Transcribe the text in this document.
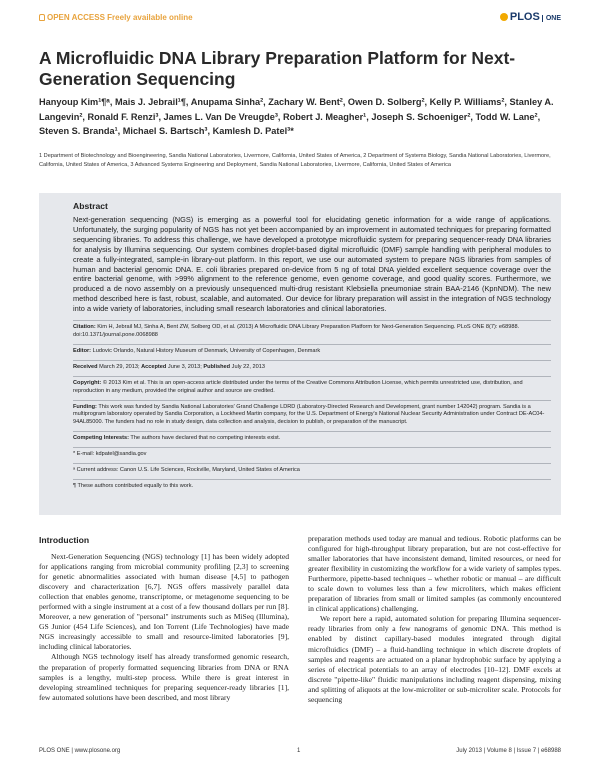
OPEN ACCESS Freely available online	PLOS ONE
A Microfluidic DNA Library Preparation Platform for Next-Generation Sequencing
Hanyoup Kim¹¶ᵃ, Mais J. Jebrail¹¶, Anupama Sinha², Zachary W. Bent², Owen D. Solberg², Kelly P. Williams², Stanley A. Langevin², Ronald F. Renzi³, James L. Van De Vreugde³, Robert J. Meagher¹, Joseph S. Schoeniger², Todd W. Lane², Steven S. Branda¹, Michael S. Bartsch³, Kamlesh D. Patel³*
1 Department of Biotechnology and Bioengineering, Sandia National Laboratories, Livermore, California, United States of America, 2 Department of Systems Biology, Sandia National Laboratories, Livermore, California, United States of America, 3 Advanced Systems Engineering and Deployment, Sandia National Laboratories, Livermore, California, United States of America
Abstract
Next-generation sequencing (NGS) is emerging as a powerful tool for elucidating genetic information for a wide range of applications. Unfortunately, the surging popularity of NGS has not yet been accompanied by an improvement in automated techniques for preparing formatted sequencing libraries. To address this challenge, we have developed a prototype microfluidic system for preparing sequencer-ready DNA libraries for analysis by Illumina sequencing. Our system combines droplet-based digital microfluidic (DMF) sample handling with peripheral modules to create a fully-integrated, sample-in library-out platform. In this report, we use our automated system to prepare NGS libraries from samples of human and bacterial genomic DNA. E. coli libraries prepared on-device from 5 ng of total DNA yielded excellent sequence coverage over the entire bacterial genome, with >99% alignment to the reference genome, even genome coverage, and good quality scores. Furthermore, we produced a de novo assembly on a previously unsequenced multi-drug resistant Klebsiella pneumoniae strain BAA-2146 (KpnNDM). The new method described here is fast, robust, scalable, and automated. Our device for library preparation will assist in the integration of NGS technology into a wide variety of laboratories, including small research laboratories and clinical laboratories.
Citation: Kim H, Jebrail MJ, Sinha A, Bent ZW, Solberg OD, et al. (2013) A Microfluidic DNA Library Preparation Platform for Next-Generation Sequencing. PLoS ONE 8(7): e68988. doi:10.1371/journal.pone.0068988
Editor: Ludovic Orlando, Natural History Museum of Denmark, University of Copenhagen, Denmark
Received March 29, 2013; Accepted June 3, 2013; Published July 22, 2013
Copyright: © 2013 Kim et al. This is an open-access article distributed under the terms of the Creative Commons Attribution License, which permits unrestricted use, distribution, and reproduction in any medium, provided the original author and source are credited.
Funding: This work was funded by Sandia National Laboratories' Grand Challenge LDRD (Laboratory-Directed Research and Development, grant number 142042) program. Sandia is a multiprogram laboratory operated by Sandia Corporation, a Lockheed Martin company, for the U.S. Department of Energy's National Nuclear Security Administration under Contract DE-AC04-94AL85000. The funders had no role in study design, data collection and analysis, decision to publish, or preparation of the manuscript.
Competing Interests: The authors have declared that no competing interests exist.
* E-mail: kdpatel@sandia.gov
ᵃ Current address: Canon U.S. Life Sciences, Rockville, Maryland, United States of America
¶ These authors contributed equally to this work.
Introduction

Next-Generation Sequencing (NGS) technology [1] has been widely adopted for applications ranging from microbial community profiling [2,3] to screening for genetic abnormalities associated with human disease [4,5] to pathogen discovery and characterization [6,7]. NGS offers massively parallel data collection that enables genome, transcriptome, or metagenome sequencing to be performed with a single instrument at a cost of a few thousand dollars per run [8]. Moreover, a new generation of "personal" instruments such as MiSeq (Illumina), GS Junior (454 Life Sciences), and Ion Torrent (Life Technologies) have made NGS increasingly accessible to small and resource-limited laboratories [9], including clinical laboratories.

Although NGS technology itself has already transformed genomic research, the preparation of properly formatted sequencing libraries from DNA or RNA samples is a lengthy, multi-step process. While there is great interest in developing streamlined techniques for preparing sequencer-ready libraries [1], few automated solutions have been described, and most library

preparation methods used today are manual and tedious. Robotic platforms can be configured for high-throughput library preparation, but are not cost-effective for smaller laboratories that have inconsistent demand, limited resources, or need for greater flexibility in customizing the workflow for a wide variety of samples types. Furthermore, pipette-based techniques – whether robotic or manual – are difficult to scale down to volumes less than a few microliters, which makes efficient preparation of libraries from small or limited samples (as commonly encountered in clinical applications) challenging.

We report here a rapid, automated solution for preparing Illumina sequencer-ready libraries from only a few nanograms of genomic DNA. This method is enabled by distinct capillary-based modules integrated through digital microfluidics (DMF) – a fluid-handling technique in which discrete droplets of samples and reagents are actuated on a planar hydrophobic surface by applying a series of electrical potentials to an array of electrodes [10–12]. DMF excels at discrete "pipette-like" fluidic manipulations including reagent dispensing, mixing and splitting of aliquots at the low-microliter or sub-microliter scale. Protocols for sequencing

PLOS ONE | www.plosone.org	1	July 2013 | Volume 8 | Issue 7 | e68988
